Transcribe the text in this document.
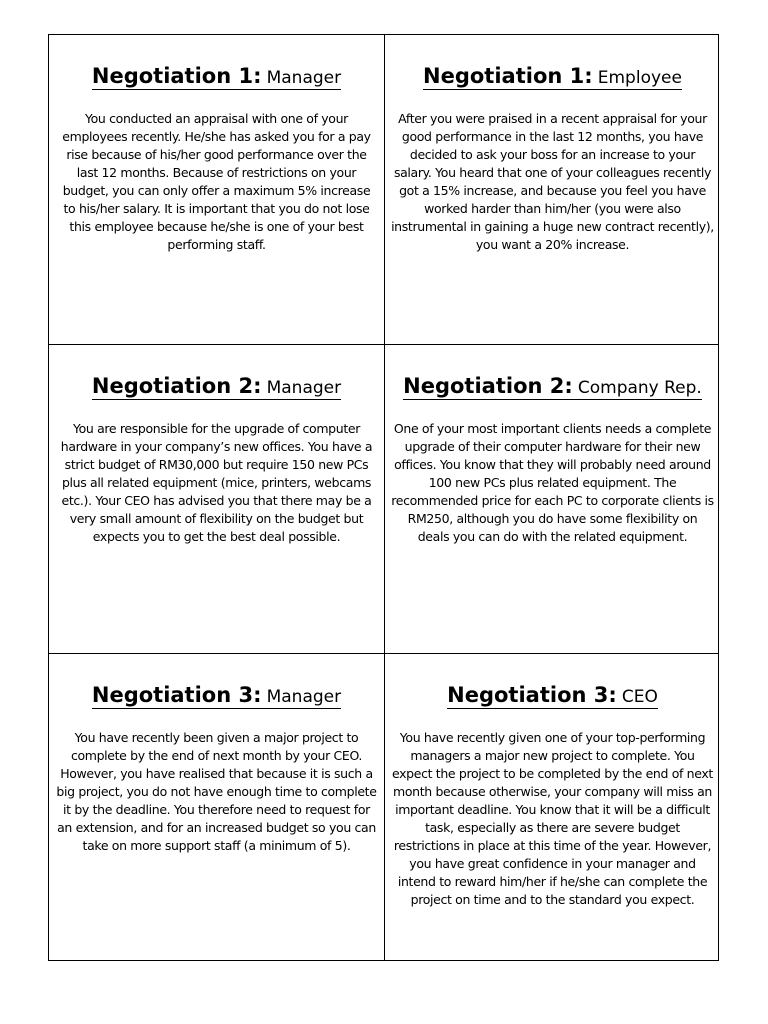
Negotiation 1: Manager

You conducted an appraisal with one of your employees recently. He/she has asked you for a pay rise because of his/her good performance over the last 12 months. Because of restrictions on your budget, you can only offer a maximum 5% increase to his/her salary. It is important that you do not lose this employee because he/she is one of your best performing staff.

Negotiation 1: Employee

After you were praised in a recent appraisal for your good performance in the last 12 months, you have decided to ask your boss for an increase to your salary. You heard that one of your colleagues recently got a 15% increase, and because you feel you have worked harder than him/her (you were also instrumental in gaining a huge new contract recently), you want a 20% increase.

Negotiation 2: Manager

You are responsible for the upgrade of computer hardware in your company’s new offices. You have a strict budget of RM30,000 but require 150 new PCs plus all related equipment (mice, printers, webcams etc.). Your CEO has advised you that there may be a very small amount of flexibility on the budget but expects you to get the best deal possible.

Negotiation 2: Company Rep.

One of your most important clients needs a complete upgrade of their computer hardware for their new offices. You know that they will probably need around 100 new PCs plus related equipment. The recommended price for each PC to corporate clients is RM250, although you do have some flexibility on deals you can do with the related equipment.

Negotiation 3: Manager

You have recently been given a major project to complete by the end of next month by your CEO. However, you have realised that because it is such a big project, you do not have enough time to complete it by the deadline. You therefore need to request for an extension, and for an increased budget so you can take on more support staff (a minimum of 5).

Negotiation 3: CEO

You have recently given one of your top-performing managers a major new project to complete. You expect the project to be completed by the end of next month because otherwise, your company will miss an important deadline. You know that it will be a difficult task, especially as there are severe budget restrictions in place at this time of the year. However, you have great confidence in your manager and intend to reward him/her if he/she can complete the project on time and to the standard you expect.
